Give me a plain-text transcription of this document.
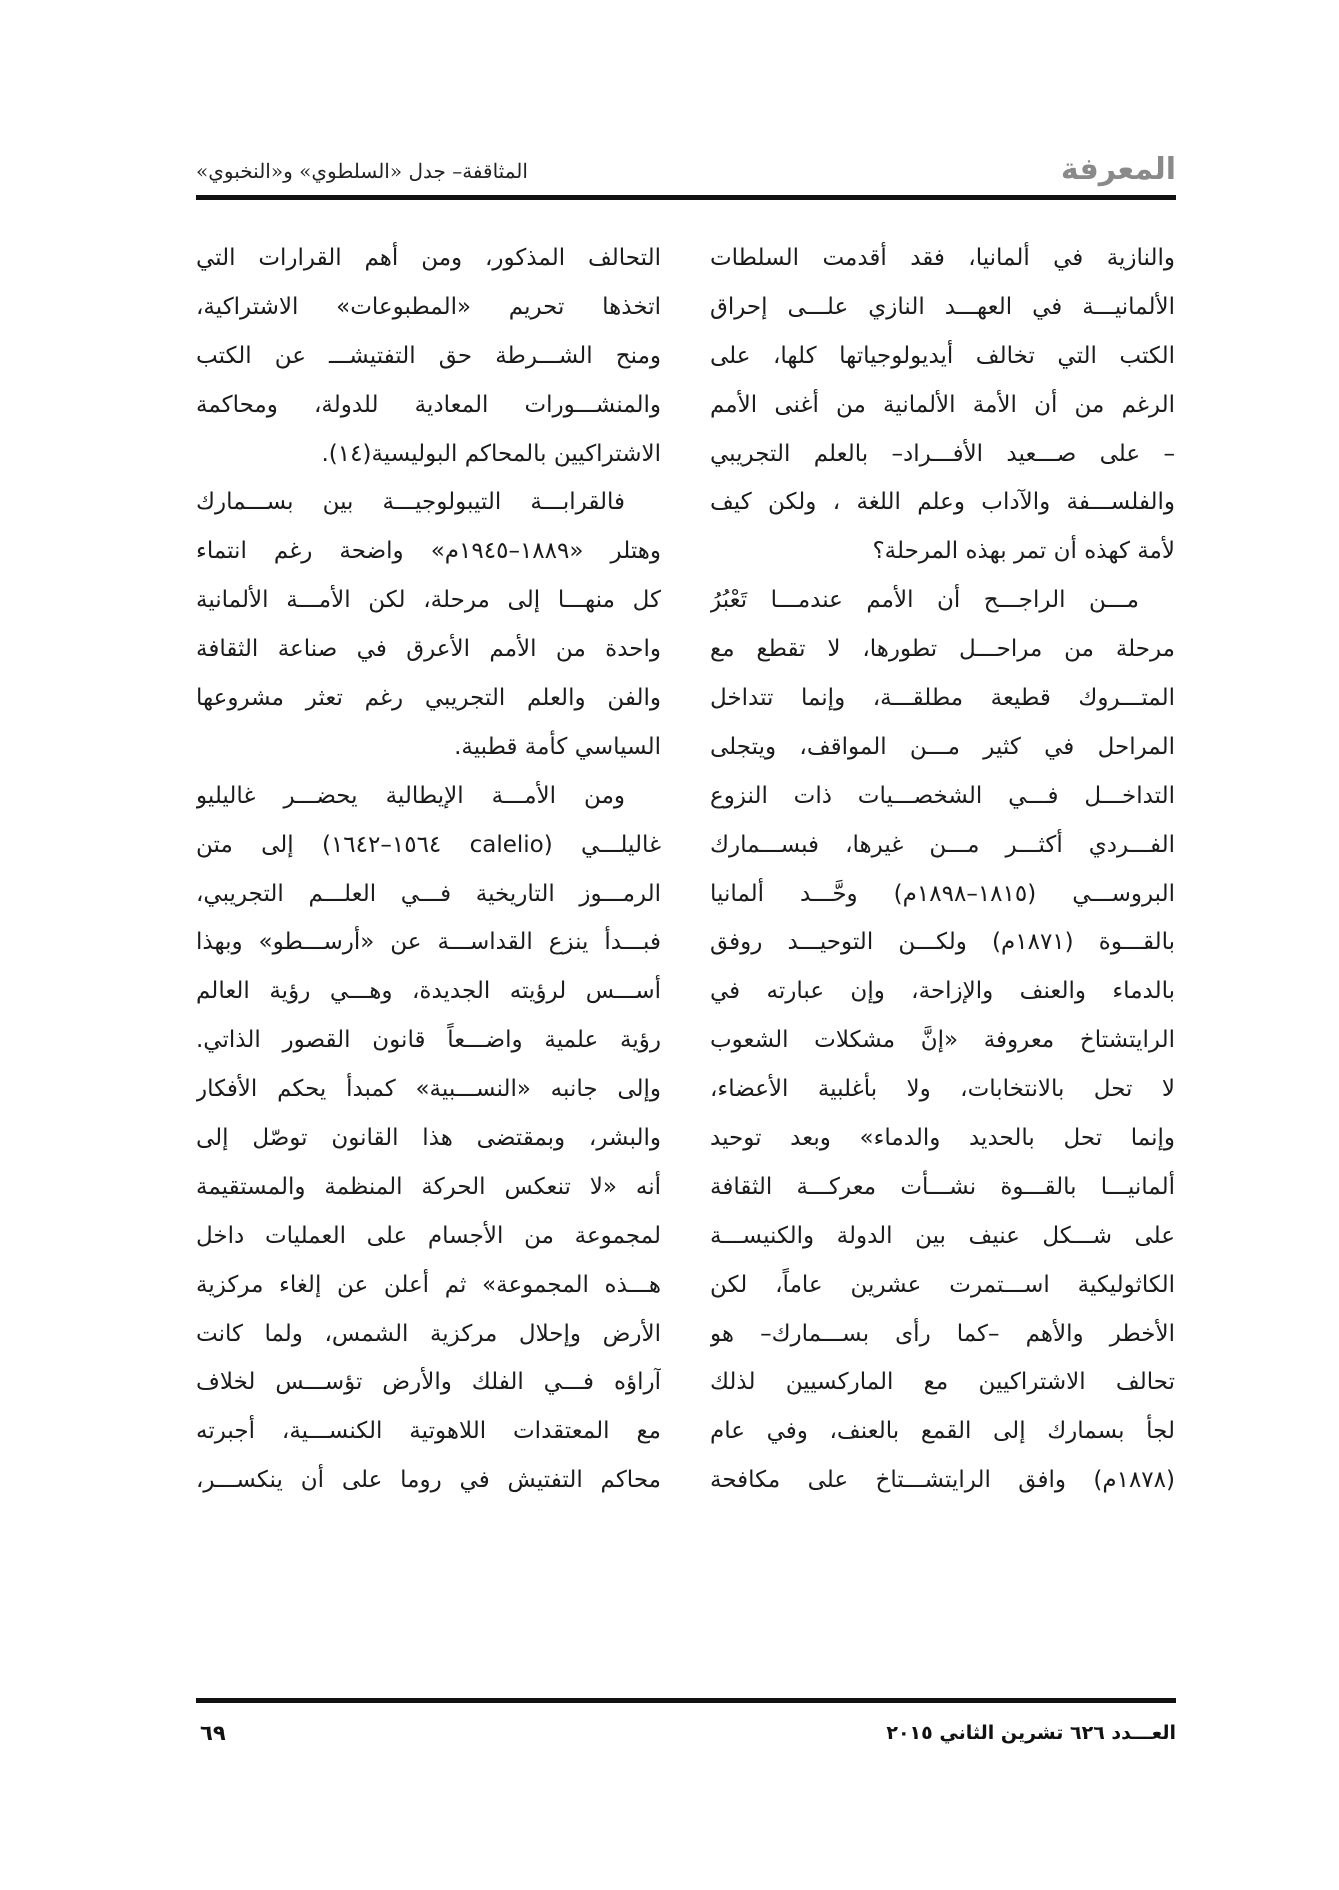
المعرفة
المثاقفة– جدل «السلطوي» و«النخبوي»
والنازية في ألمانيا، فقد أقدمت السلطات
الألمانيـــة في العهـــد النازي علـــى إحراق
الكتب التي تخالف أيديولوجياتها كلها، على
الرغم من أن الأمة الألمانية من أغنى الأمم
– على صـــعيد الأفـــراد– بالعلم التجريبي
والفلســـفة والآداب وعلم اللغة ، ولكن كيف
لأمة كهذه أن تمر بهذه المرحلة؟
مـــن الراجـــح أن الأمم عندمـــا تَعْبُرُ
مرحلة من مراحـــل تطورها، لا تقطع مع
المتـــروك قطيعة مطلقـــة، وإنما تتداخل
المراحل في كثير مـــن المواقف، ويتجلى
التداخـــل فـــي الشخصـــيات ذات النزوع
الفـــردي أكثـــر مـــن غيرها، فبســـمارك
البروســـي (١٨١٥–١٨٩٨م) وحَّـــد ألمانيا
بالقـــوة (١٨٧١م) ولكـــن التوحيـــد روفق
بالدماء والعنف والإزاحة، وإن عبارته في
الرايتشتاخ معروفة «إنَّ مشكلات الشعوب
لا تحل بالانتخابات، ولا بأغلبية الأعضاء،
وإنما تحل بالحديد والدماء» وبعد توحيد
ألمانيـــا بالقـــوة نشـــأت معركـــة الثقافة
على شـــكل عنيف بين الدولة والكنيســـة
الكاثوليكية اســـتمرت عشرين عاماً، لكن
الأخطر والأهم –كما رأى بســـمارك– هو
تحالف الاشتراكيين مع الماركسيين لذلك
لجأ بسمارك إلى القمع بالعنف، وفي عام
(١٨٧٨م) وافق الرايتشـــتاخ على مكافحة
التحالف المذكور، ومن أهم القرارات التي
اتخذها تحريم «المطبوعات» الاشتراكية،
ومنح الشـــرطة حق التفتيشـــ عن الكتب
والمنشـــورات المعادية للدولة، ومحاكمة
الاشتراكيين بالمحاكم البوليسية(١٤).
فالقرابـــة التيبولوجيـــة بين بســـمارك
وهتلر «١٨٨٩–١٩٤٥م» واضحة رغم انتماء
كل منهـــا إلى مرحلة، لكن الأمـــة الألمانية
واحدة من الأمم الأعرق في صناعة الثقافة
والفن والعلم التجريبي رغم تعثر مشروعها
السياسي كأمة قطبية.
ومن الأمـــة الإيطالية يحضـــر غاليليو
غاليلـــي (calelio ١٥٦٤–١٦٤٢) إلى متن
الرمـــوز التاريخية فـــي العلـــم التجريبي،
فبـــدأ ينزع القداســـة عن «أرســـطو» وبهذا
أســـس لرؤيته الجديدة، وهـــي رؤية العالم
رؤية علمية واضـــعاً قانون القصور الذاتي.
وإلى جانبه «النســـبية» كمبدأ يحكم الأفكار
والبشر، وبمقتضى هذا القانون توصّل إلى
أنه «لا تنعكس الحركة المنظمة والمستقيمة
لمجموعة من الأجسام على العمليات داخل
هـــذه المجموعة» ثم أعلن عن إلغاء مركزية
الأرض وإحلال مركزية الشمس، ولما كانت
آراؤه فـــي الفلك والأرض تؤســـس لخلاف
مع المعتقدات اللاهوتية الكنســـية، أجبرته
محاكم التفتيش في روما على أن ينكســـر،
العـــدد ٦٢٦ تشرين الثاني ٢٠١٥
٦٩
